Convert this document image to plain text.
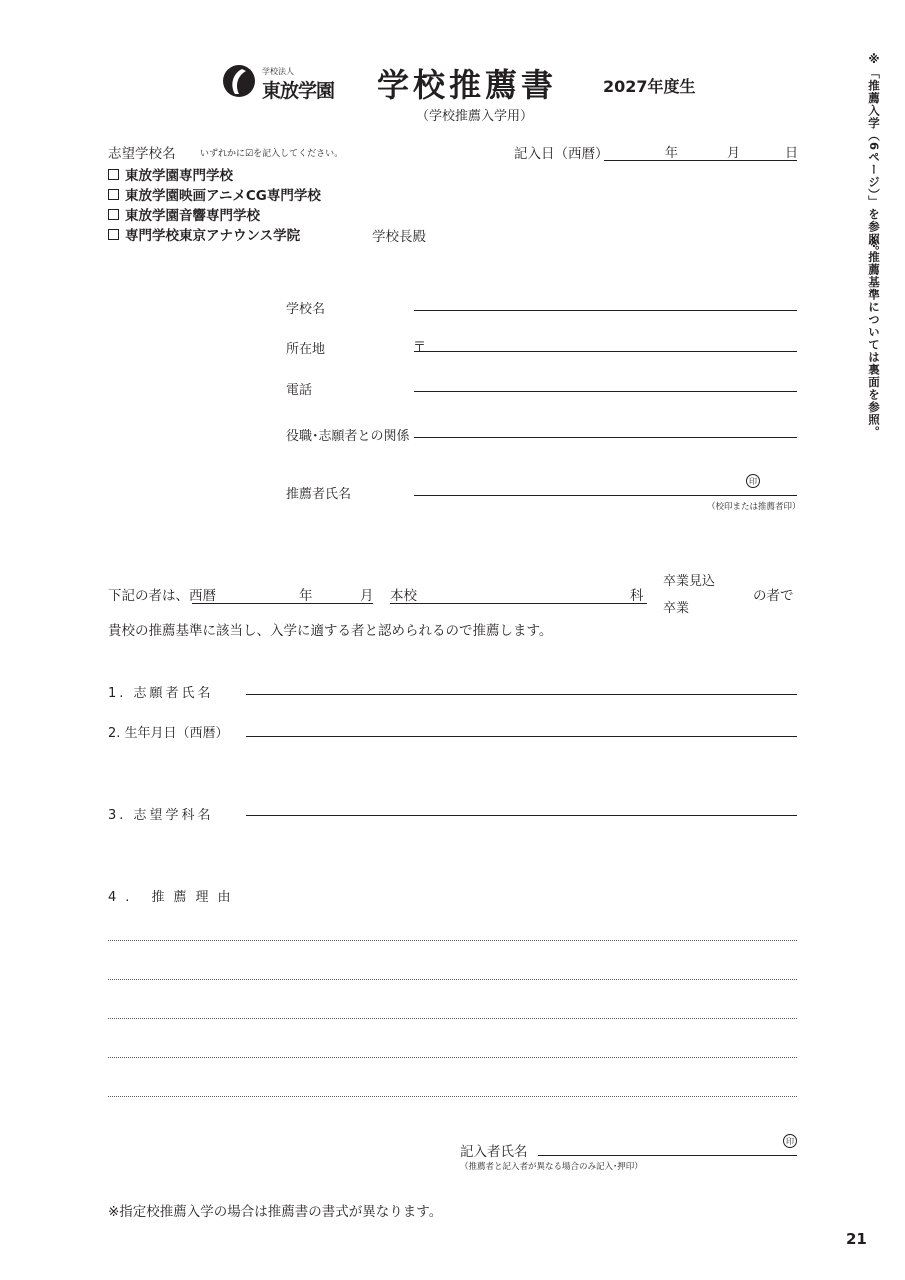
学校法人
東放学園 学校推薦書	2027年度生
（学校推薦入学用）	※「推薦入学（6ページ）」を参照。
※推薦基準については裏面を参照。
志望学校名	いずれかに☑を記入してください。
東放学園専門学校
東放学園映画アニメCG専門学校
東放学園音響専門学校
専門学校東京アナウンス学院	学校長殿
記入日（西暦）	年	月	日
学校名
所在地	〒
電話
役職･志願者との関係
推薦者氏名
印
（校印または推薦者印）
下記の者は、西暦	年	月 本校	科
卒業見込
卒業
の者で
貴校の推薦基準に該当し、入学に適する者と認められるので推薦します。
1. 志願者氏名
2. 生年月日（西暦）
3. 志望学科名
4. 推薦理由
記入者氏名
印
（推薦者と記入者が異なる場合のみ記入･押印）
※指定校推薦入学の場合は推薦書の書式が異なります。
21
